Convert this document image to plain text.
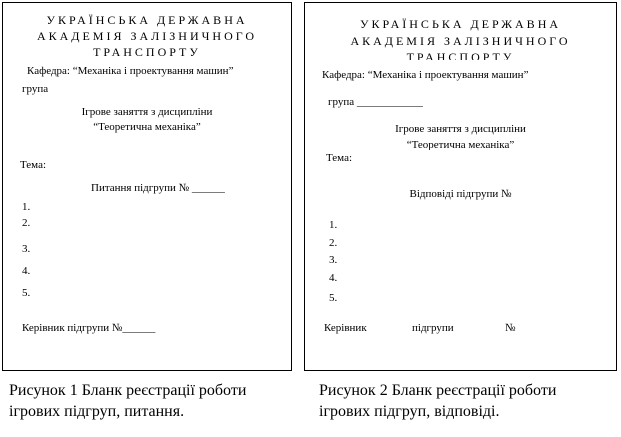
УКРАЇНСЬКА ДЕРЖАВНА
АКАДЕМІЯ ЗАЛІЗНИЧНОГО
ТРАНСПОРТУ
Кафедра: “Механіка і проектування машин”
група
Ігрове заняття з дисципліни
“Теоретична механіка”
Тема:
Питання підгрупи № ______
1.
2.
3.
4.
5.
Керівник підгрупи №______
УКРАЇНСЬКА ДЕРЖАВНА
АКАДЕМІЯ ЗАЛІЗНИЧНОГО
ТРАНСПОРТУ
Кафедра: “Механіка і проектування машин”
група ____________
Ігрове заняття з дисципліни
“Теоретична механіка”
Тема:
Відповіді підгрупи №
1.
2.
3.
4.
5.
Керівник	підгрупи	№
Рисунок 1 Бланк реєстрації роботи
ігрових підгруп, питання.
Рисунок 2 Бланк реєстрації роботи
ігрових підгруп, відповіді.
